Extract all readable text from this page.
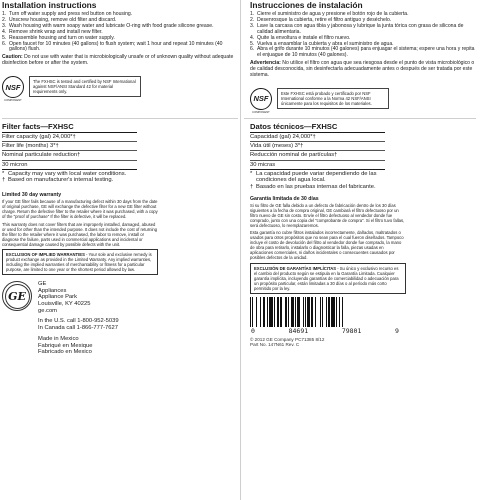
Installation instructions
1. Turn off water supply and press red button on housing.
2. Unscrew housing, remove old filter and discard.
3. Wash housing with warm soapy water and lubricate O-ring with food grade silicone grease.
4. Remove shrink wrap and install new filter.
5. Reassemble housing and turn on water supply.
6. Open faucet for 10 minutes (40 gallons) to flush system; wait 1 hour and repeat 10 minutes (40 gallons) flush.

Caution: Do not use with water that is microbiologically unsafe or of unknown quality without adequate disinfection before or after the system.

NSF
COMPONENT
The FXHSC is tested and certified by NSF International against NSF/ANSI Standard 42 for material requirements only.
Filter facts—FXHSC
Filter capacity (gal) 24,000*†
Filter life (months) 3*†
Nominal particulate reduction†
30 micron
* Capacity may vary with local water conditions.
† Based on manufacturer's internal testing.
Limited 30 day warranty

If your GE filter fails because of a manufacturing defect within 30 days from the date of original purchase, GE will exchange the defective filter for a new GE filter without charge. Return the defective filter to the retailer where it was purchased, with a copy of the "proof of purchase" If the filter is defective, it will be replaced.

This warranty does not cover filters that are improperly installed, damaged, abused or used for other than the intended purpose. It does not include the cost of returning the filter to the retailer where it was purchased, the labor to remove, install or diagnose the failure, parts used in commercial applications and incidental or consequential damage caused by possible defects with the unit.

EXCLUSION OF IMPLIED WARRANTIES - Your sole and exclusive remedy is product exchange as provided in the Limited Warranty. Any implied warranties, including the implied warranties of merchantability or fitness for a particular purpose, are limited to one year or the shortest period allowed by law.
GE
GE
Appliances
Appliance Park
Louisville, KY 40225
ge.com
In the U.S. call 1-800-952-5039
In Canada call 1-866-777-7627
Made in Mexico
Fabriqué en Mexique
Fabricado en Mexico
Instrucciones de instalación
1. Cierre el suministro de agua y presione el botón rojo de la cubierta.
2. Desenrosque la cubierta, retire el filtro antiguo y deséchelo.
3. Lave la carcasa con agua tibia y jabonosa y lubrique la junta tórica con grasa de silicona de calidad alimentaria.
4. Quite la envoltura e instale el filtro nuevo.
5. Vuelva a ensamblar la cubierta y abra el suministro de agua.
6. Abra el grifo durante 10 minutos (40 galones) para enjuagar el sistema; espere una hora y repita el enjuague de 10 minutos (40 galones).

Advertencia: No utilice el filtro con agua que sea riesgosa desde el punto de vista microbiológico o de calidad desconocida, sin desinfectarla adecuadamente antes o después de ser tratada por este sistema.

NSF
COMPONENT
Este FXHSC está probado y certificado por NSF International conforme a la Norma 42 NSF/ANSI únicamente para los requisitos de los materiales.
Datos técnicos—FXHSC
Capacidad (gal) 24,000*†
Vida útil (meses) 3*†
Reducción nominal de partículas†
30 micras
* La capacidad puede variar dependiendo de las condiciones del agua local.
† Basado en las pruebas internas del fabricante.
Garantía limitada de 30 días

Si su filtro de GE falla debido a un defecto de fabricación dentro de los 30 días siguientes a la fecha de compra original, GE cambiará el filtro defectuoso por un filtro nuevo de GE sin costo. Envíe el filtro defectuoso al vendedor donde fue comprado, junto con una copia del "comprobante de compra". Si el filtro tuvo fallas, será defectuoso, lo reemplazaremos.

Esta garantía no cubre filtros instalados incorrectamente, dañados, maltratados o usados para otros propósitos que no sean para el cual fueron diseñados. Tampoco incluye el costo de devolución del filtro al vendedor donde fue comprado, la mano de obra para retirarlo, instalarlo o diagnosticar la falla, piezas usadas en aplicaciones comerciales, ni daños incidentales o consecuentes causados por posibles defectos de la unidad.

EXCLUSIÓN DE GARANTÍAS IMPLÍCITAS - Su único y exclusivo recurso es el cambio del producto según se estipula en la Garantía Limitada. Cualquier garantía implícita, incluyendo garantías de comerciabilidad o adecuación para un propósito particular, están limitadas a 30 días o al período más corto permitido por la ley.
0	84691	79801	9
© 2012 GE Company PC71385 8/12
Part No. 147N61 Rev. C
